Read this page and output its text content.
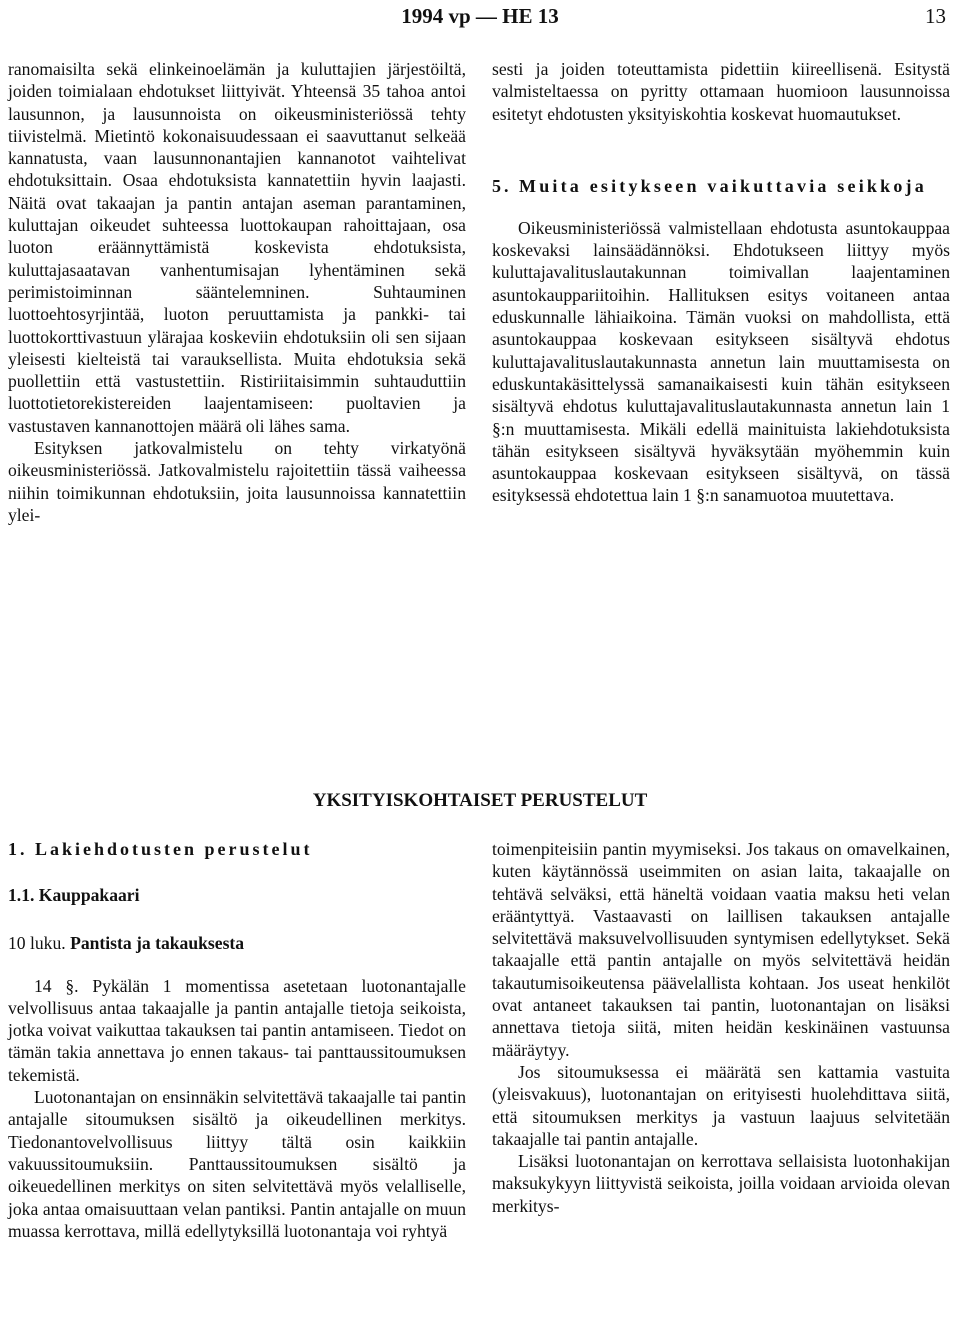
1994 vp — HE 13	13

ranomaisilta sekä elinkeinoelämän ja kuluttajien järjestöiltä, joiden toimialaan ehdotukset liittyivät. Yhteensä 35 tahoa antoi lausunnon, ja lausunnoista on oikeusministeriössä tehty tiivistelmä. Mietintö kokonaisuudessaan ei saavuttanut selkeää kannatusta, vaan lausunnonantajien kannanotot vaihtelivat ehdotuksittain. Osaa ehdotuksista kannatettiin hyvin laajasti. Näitä ovat takaajan ja pantin antajan aseman parantaminen, kuluttajan oikeudet suhteessa luottokaupan rahoittajaan, osa luoton eräännyttämistä koskevista ehdotuksista, kuluttajasaatavan vanhentumisajan lyhentäminen sekä perimistoiminnan sääntelemninen. Suhtauminen luottoehtosyrjintää, luoton peruuttamista ja pankki- tai luottokorttivastuun ylärajaa koskeviin ehdotuksiin oli sen sijaan yleisesti kielteistä tai varauksellista. Muita ehdotuksia sekä puollettiin että vastustettiin. Ristiriitaisimmin suhtauduttiin luottotietorekistereiden laajentamiseen: puoltavien ja vastustaven kannanottojen määrä oli lähes sama.

Esityksen jatkovalmistelu on tehty virkatyönä oikeusministeriössä. Jatkovalmistelu rajoitettiin tässä vaiheessa niihin toimikunnan ehdotuksiin, joita lausunnoissa kannatettiin ylei-

sesti ja joiden toteuttamista pidettiin kiireellisenä. Esitystä valmisteltaessa on pyritty ottamaan huomioon lausunnoissa esitetyt ehdotusten yksityiskohtia koskevat huomautukset.

5. Muita esitykseen vaikuttavia seikkoja

Oikeusministeriössä valmistellaan ehdotusta asuntokauppaa koskevaksi lainsäädännöksi. Ehdotukseen liittyy myös kuluttajavalituslautakunnan toimivallan laajentaminen asuntokauppariitoihin. Hallituksen esitys voitaneen antaa eduskunnalle lähiaikoina. Tämän vuoksi on mahdollista, että asuntokauppaa koskevaan esitykseen sisältyvä ehdotus kuluttajavalituslautakunnasta annetun lain muuttamisesta on eduskuntakäsittelyssä samanaikaisesti kuin tähän esitykseen sisältyvä ehdotus kuluttajavalituslautakunnasta annetun lain 1 §:n muuttamisesta. Mikäli edellä mainituista lakiehdotuksista tähän esitykseen sisältyvä hyväksytään myöhemmin kuin asuntokauppaa koskevaan esitykseen sisältyvä, on tässä esityksessä ehdotettua lain 1 §:n sanamuotoa muutettava.

YKSITYISKOHTAISET PERUSTELUT

1. Lakiehdotusten perustelut

1.1. Kauppakaari

10 luku. Pantista ja takauksesta

14 §. Pykälän 1 momentissa asetetaan luotonantajalle velvollisuus antaa takaajalle ja pantin antajalle tietoja seikoista, jotka voivat vaikuttaa takauksen tai pantin antamiseen. Tiedot on tämän takia annettava jo ennen takaus- tai panttaussitoumuksen tekemistä.

Luotonantajan on ensinnäkin selvitettävä takaajalle tai pantin antajalle sitoumuksen sisältö ja oikeudellinen merkitys. Tiedonantovelvollisuus liittyy tältä osin kaikkiin vakuussitoumuksiin. Panttaussitoumuksen sisältö ja oikeuedellinen merkitys on siten selvitettävä myös velalliselle, joka antaa omaisuuttaan velan pantiksi. Pantin antajalle on muun muassa kerrottava, millä edellytyksillä luotonantaja voi ryhtyä

toimenpiteisiin pantin myymiseksi. Jos takaus on omavelkainen, kuten käytännössä useimmiten on asian laita, takaajalle on tehtävä selväksi, että häneltä voidaan vaatia maksu heti velan erääntyttyä. Vastaavasti on laillisen takauksen antajalle selvitettävä maksuvelvollisuuden syntymisen edellytykset. Sekä takaajalle että pantin antajalle on myös selvitettävä heidän takautumisoikeutensa päävelallista kohtaan. Jos useat henkilöt ovat antaneet takauksen tai pantin, luotonantajan on lisäksi annettava tietoja siitä, miten heidän keskinäinen vastuunsa määräytyy.

Jos sitoumuksessa ei määrätä sen kattamia vastuita (yleisvakuus), luotonantajan on erityisesti huolehdittava siitä, että sitoumuksen merkitys ja vastuun laajuus selvitetään takaajalle tai pantin antajalle.

Lisäksi luotonantajan on kerrottava sellaisista luotonhakijan maksukykyyn liittyvistä seikoista, joilla voidaan arvioida olevan merkitys-
